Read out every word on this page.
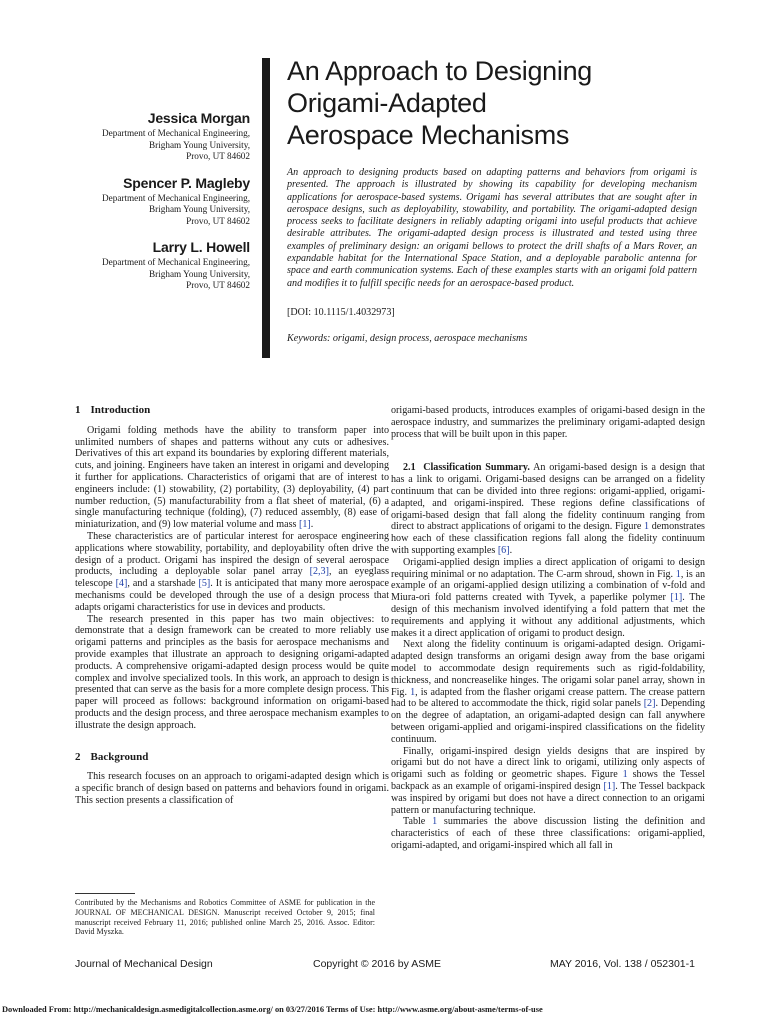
Jessica Morgan

Department of Mechanical Engineering,
Brigham Young University,
Provo, UT 84602

Spencer P. Magleby

Department of Mechanical Engineering,
Brigham Young University,
Provo, UT 84602

Larry L. Howell

Department of Mechanical Engineering,
Brigham Young University,
Provo, UT 84602

An Approach to Designing
Origami-Adapted
Aerospace Mechanisms

An approach to designing products based on adapting patterns and behaviors from origami is presented. The approach is illustrated by showing its capability for developing mechanism applications for aerospace-based systems. Origami has several attributes that are sought after in aerospace designs, such as deployability, stowability, and portability. The origami-adapted design process seeks to facilitate designers in reliably adapting origami into useful products that achieve desirable attributes. The origami-adapted design process is illustrated and tested using three examples of preliminary design: an origami bellows to protect the drill shafts of a Mars Rover, an expandable habitat for the International Space Station, and a deployable parabolic antenna for space and earth communication systems. Each of these examples starts with an origami fold pattern and modifies it to fulfill specific needs for an aerospace-based product.

[DOI: 10.1115/1.4032973]
Keywords: origami, design process, aerospace mechanisms
1 Introduction

Origami folding methods have the ability to transform paper into unlimited numbers of shapes and patterns without any cuts or adhesives. Derivatives of this art expand its boundaries by exploring different materials, cuts, and joining. Engineers have taken an interest in origami and developing it further for applications. Characteristics of origami that are of interest to engineers include: (1) stowability, (2) portability, (3) deployability, (4) part number reduction, (5) manufacturability from a flat sheet of material, (6) a single manufacturing technique (folding), (7) reduced assembly, (8) ease of miniaturization, and (9) low material volume and mass [1].

These characteristics are of particular interest for aerospace engineering applications where stowability, portability, and deployability often drive the design of a product. Origami has inspired the design of several aerospace products, including a deployable solar panel array [2,3], an eyeglass telescope [4], and a starshade [5]. It is anticipated that many more aerospace mechanisms could be developed through the use of a design process that adapts origami characteristics for use in devices and products.

The research presented in this paper has two main objectives: to demonstrate that a design framework can be created to more reliably use origami patterns and principles as the basis for aerospace mechanisms and provide examples that illustrate an approach to designing origami-adapted products. A comprehensive origami-adapted design process would be quite complex and involve specialized tools. In this work, an approach to design is presented that can serve as the basis for a more complete design process. This paper will proceed as follows: background information on origami-based products and the design process, and three aerospace mechanism examples to illustrate the design approach.

2 Background

This research focuses on an approach to origami-adapted design which is a specific branch of design based on patterns and behaviors found in origami. This section presents a classification of

Contributed by the Mechanisms and Robotics Committee of ASME for publication in the JOURNAL OF MECHANICAL DESIGN. Manuscript received October 9, 2015; final manuscript received February 11, 2016; published online March 25, 2016. Assoc. Editor: David Myszka.

origami-based products, introduces examples of origami-based design in the aerospace industry, and summarizes the preliminary origami-adapted design process that will be built upon in this paper.

2.1 Classification Summary. An origami-based design is a design that has a link to origami. Origami-based designs can be arranged on a fidelity continuum that can be divided into three regions: origami-applied, origami-adapted, and origami-inspired. These regions define classifications of origami-based design that fall along the fidelity continuum ranging from direct to abstract applications of origami to the design. Figure 1 demonstrates how each of these classification regions fall along the fidelity continuum with supporting examples [6].

Origami-applied design implies a direct application of origami to design requiring minimal or no adaptation. The C-arm shroud, shown in Fig. 1, is an example of an origami-applied design utilizing a combination of v-fold and Miura-ori fold patterns created with Tyvek, a paperlike polymer [1]. The design of this mechanism involved identifying a fold pattern that met the requirements and applying it without any additional adjustments, which makes it a direct application of origami to product design.

Next along the fidelity continuum is origami-adapted design. Origami-adapted design transforms an origami design away from the base origami model to accommodate design requirements such as rigid-foldability, thickness, and noncreaselike hinges. The origami solar panel array, shown in Fig. 1, is adapted from the flasher origami crease pattern. The crease pattern had to be altered to accommodate the thick, rigid solar panels [2]. Depending on the degree of adaptation, an origami-adapted design can fall anywhere between origami-applied and origami-inspired classifications on the fidelity continuum.

Finally, origami-inspired design yields designs that are inspired by origami but do not have a direct link to origami, utilizing only aspects of origami such as folding or geometric shapes. Figure 1 shows the Tessel backpack as an example of origami-inspired design [1]. The Tessel backpack was inspired by origami but does not have a direct connection to an origami pattern or manufacturing technique.

Table 1 summaries the above discussion listing the definition and characteristics of each of these three classifications: origami-applied, origami-adapted, and origami-inspired which all fall in

Journal of Mechanical Design	Copyright © 2016 by ASME	MAY 2016, Vol. 138 / 052301-1
Downloaded From: http://mechanicaldesign.asmedigitalcollection.asme.org/ on 03/27/2016 Terms of Use: http://www.asme.org/about-asme/terms-of-use
